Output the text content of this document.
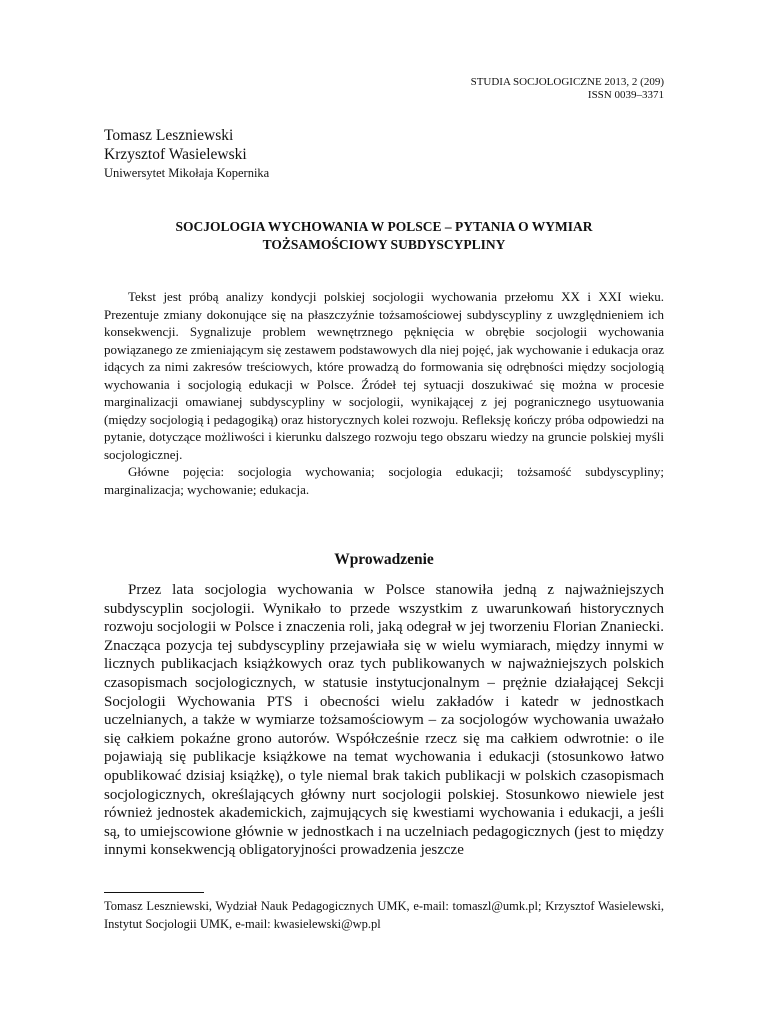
STUDIA SOCJOLOGICZNE 2013, 2 (209)
ISSN 0039–3371
Tomasz Leszniewski
Krzysztof Wasielewski
Uniwersytet Mikołaja Kopernika
SOCJOLOGIA WYCHOWANIA W POLSCE – PYTANIA O WYMIAR
TOŻSAMOŚCIOWY SUBDYSCYPLINY

Tekst jest próbą analizy kondycji polskiej socjologii wychowania przełomu XX i XXI wieku. Prezentuje zmiany dokonujące się na płaszczyźnie tożsamościowej subdyscypliny z uwzględnieniem ich konsekwencji. Sygnalizuje problem wewnętrznego pęknięcia w obrębie socjologii wychowania powiązanego ze zmieniającym się zestawem podstawowych dla niej pojęć, jak wychowanie i edukacja oraz idących za nimi zakresów treściowych, które prowadzą do formowania się odrębności między socjologią wychowania i socjologią edukacji w Polsce. Źródeł tej sytuacji doszukiwać się można w procesie marginalizacji omawianej subdyscypliny w socjologii, wynikającej z jej pogranicznego usytuowania (między socjologią i pedagogiką) oraz historycznych kolei rozwoju. Refleksję kończy próba odpowiedzi na pytanie, dotyczące możliwości i kierunku dalszego rozwoju tego obszaru wiedzy na gruncie polskiej myśli socjologicznej.

Główne pojęcia: socjologia wychowania; socjologia edukacji; tożsamość subdyscypliny; marginalizacja; wychowanie; edukacja.

Wprowadzenie

Przez lata socjologia wychowania w Polsce stanowiła jedną z najważniejszych subdyscyplin socjologii. Wynikało to przede wszystkim z uwarunkowań historycznych rozwoju socjologii w Polsce i znaczenia roli, jaką odegrał w jej tworzeniu Florian Znaniecki. Znacząca pozycja tej subdyscypliny przejawiała się w wielu wymiarach, między innymi w licznych publikacjach książkowych oraz tych publikowanych w najważniejszych polskich czasopismach socjologicznych, w statusie instytucjonalnym – prężnie działającej Sekcji Socjologii Wychowania PTS i obecności wielu zakładów i katedr w jednostkach uczelnianych, a także w wymiarze tożsamościowym – za socjologów wychowania uważało się całkiem pokaźne grono autorów. Współcześnie rzecz się ma całkiem odwrotnie: o ile pojawiają się publikacje książkowe na temat wychowania i edukacji (stosunkowo łatwo opublikować dzisiaj książkę), o tyle niemal brak takich publikacji w polskich czasopismach socjologicznych, określających główny nurt socjologii polskiej. Stosunkowo niewiele jest również jednostek akademickich, zajmujących się kwestiami wychowania i edukacji, a jeśli są, to umiejscowione głównie w jednostkach i na uczelniach pedagogicznych (jest to między innymi konsekwencją obligatoryjności prowadzenia jeszcze

Tomasz Leszniewski, Wydział Nauk Pedagogicznych UMK, e-mail: tomaszl@umk.pl; Krzysztof Wasielewski, Instytut Socjologii UMK, e-mail: kwasielewski@wp.pl
